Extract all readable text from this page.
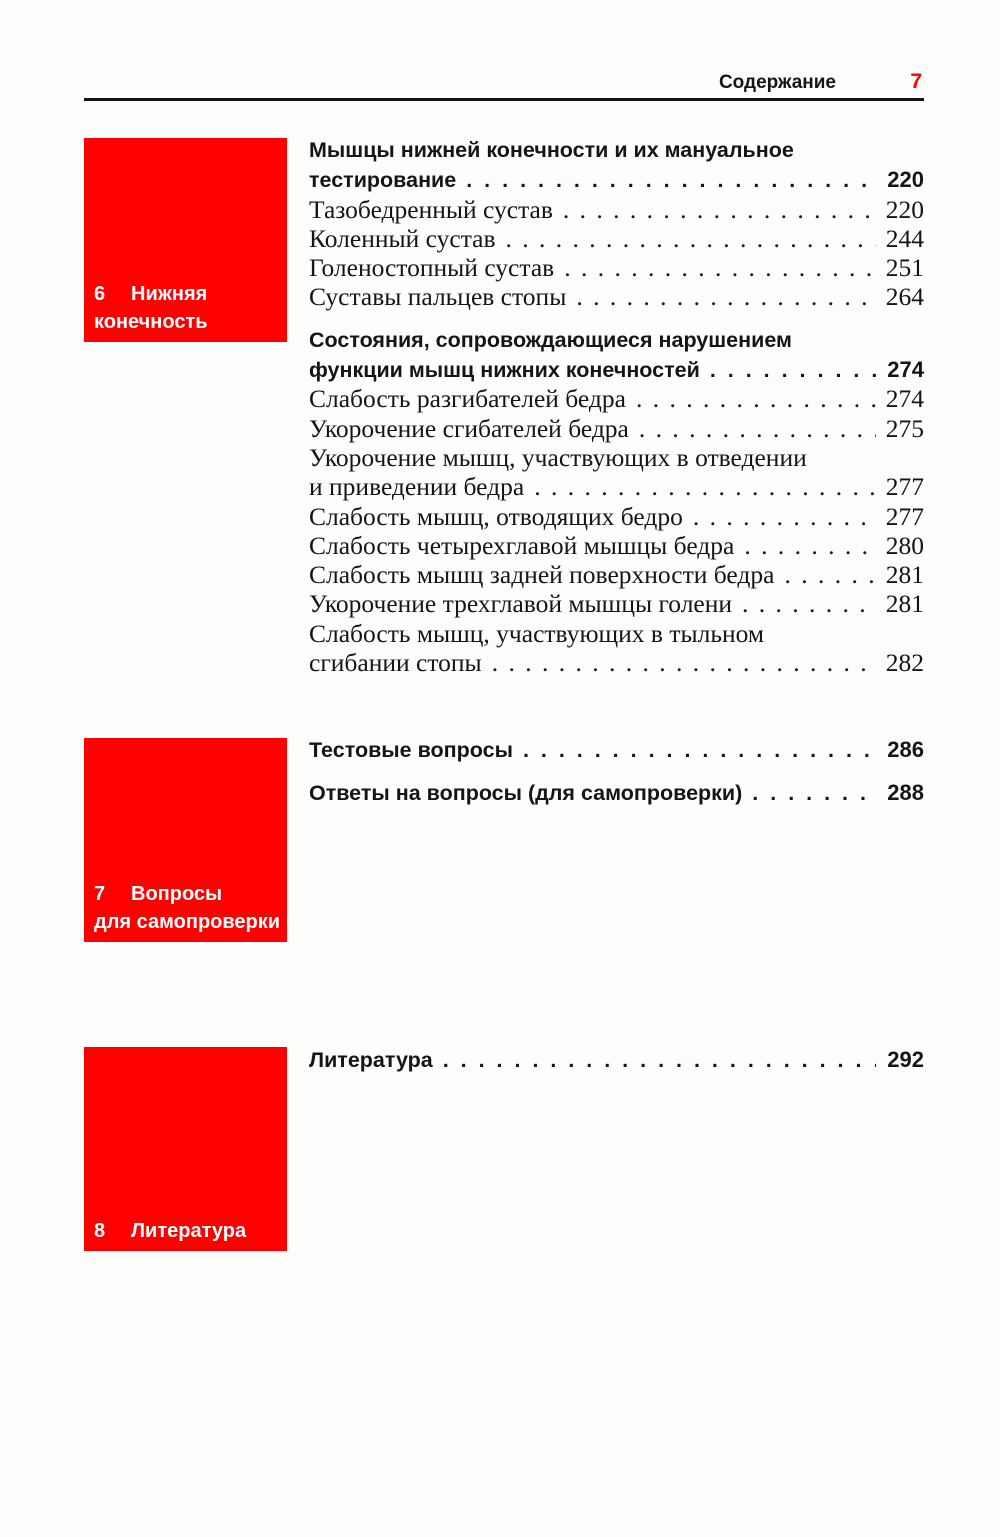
Содержание	7
6 Нижняя
конечность
Мышцы нижней конечности и их мануальное
тестирование . . .	220
Тазобедренный сустав . . .	220
Коленный сустав . . .	244
Голеностопный сустав . . .	251
Суставы пальцев стопы . . .	264
Состояния, сопровождающиеся нарушением
функции мышц нижних конечностей . . .	274
Слабость разгибателей бедра . . .	274
Укорочение сгибателей бедра . . .	275
Укорочение мышц, участвующих в отведении
и приведении бедра . . .	277
Слабость мышц, отводящих бедро . . .	277
Слабость четырехглавой мышцы бедра . . .	280
Слабость мышц задней поверхности бедра . . .	281
Укорочение трехглавой мышцы голени . . .	281
Слабость мышц, участвующих в тыльном
сгибании стопы . . .	282
7 Вопросы
для самопроверки
Тестовые вопросы . . .	286
Ответы на вопросы (для самопроверки) . . .	288
8 Литература
Литература . . .	292
